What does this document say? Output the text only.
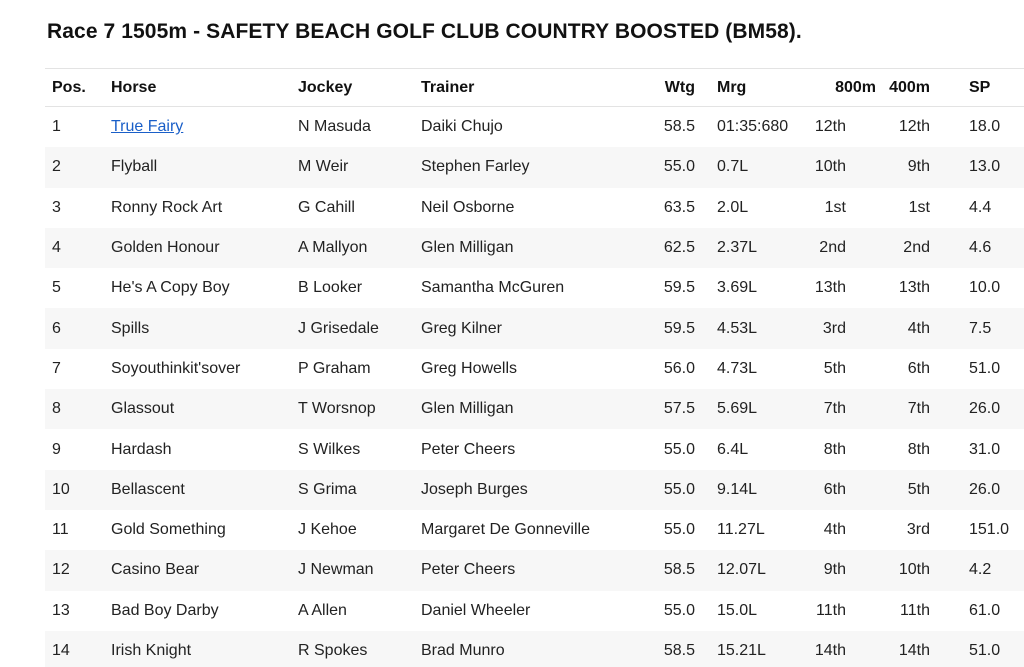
Race 7 1505m - SAFETY BEACH GOLF CLUB COUNTRY BOOSTED (BM58).
Pos.	Horse	Jockey	Trainer	Wtg	Mrg	800m	400m	SP
1	True Fairy	N Masuda	Daiki Chujo	58.5	01:35:680	12th	12th	18.0
2	Flyball	M Weir	Stephen Farley	55.0	0.7L	10th	9th	13.0
3	Ronny Rock Art	G Cahill	Neil Osborne	63.5	2.0L	1st	1st	4.4
4	Golden Honour	A Mallyon	Glen Milligan	62.5	2.37L	2nd	2nd	4.6
5	He's A Copy Boy	B Looker	Samantha McGuren	59.5	3.69L	13th	13th	10.0
6	Spills	J Grisedale	Greg Kilner	59.5	4.53L	3rd	4th	7.5
7	Soyouthinkit'sover	P Graham	Greg Howells	56.0	4.73L	5th	6th	51.0
8	Glassout	T Worsnop	Glen Milligan	57.5	5.69L	7th	7th	26.0
9	Hardash	S Wilkes	Peter Cheers	55.0	6.4L	8th	8th	31.0
10	Bellascent	S Grima	Joseph Burges	55.0	9.14L	6th	5th	26.0
11	Gold Something	J Kehoe	Margaret De Gonneville	55.0	11.27L	4th	3rd	151.0
12	Casino Bear	J Newman	Peter Cheers	58.5	12.07L	9th	10th	4.2
13	Bad Boy Darby	A Allen	Daniel Wheeler	55.0	15.0L	11th	11th	61.0
14	Irish Knight	R Spokes	Brad Munro	58.5	15.21L	14th	14th	51.0
